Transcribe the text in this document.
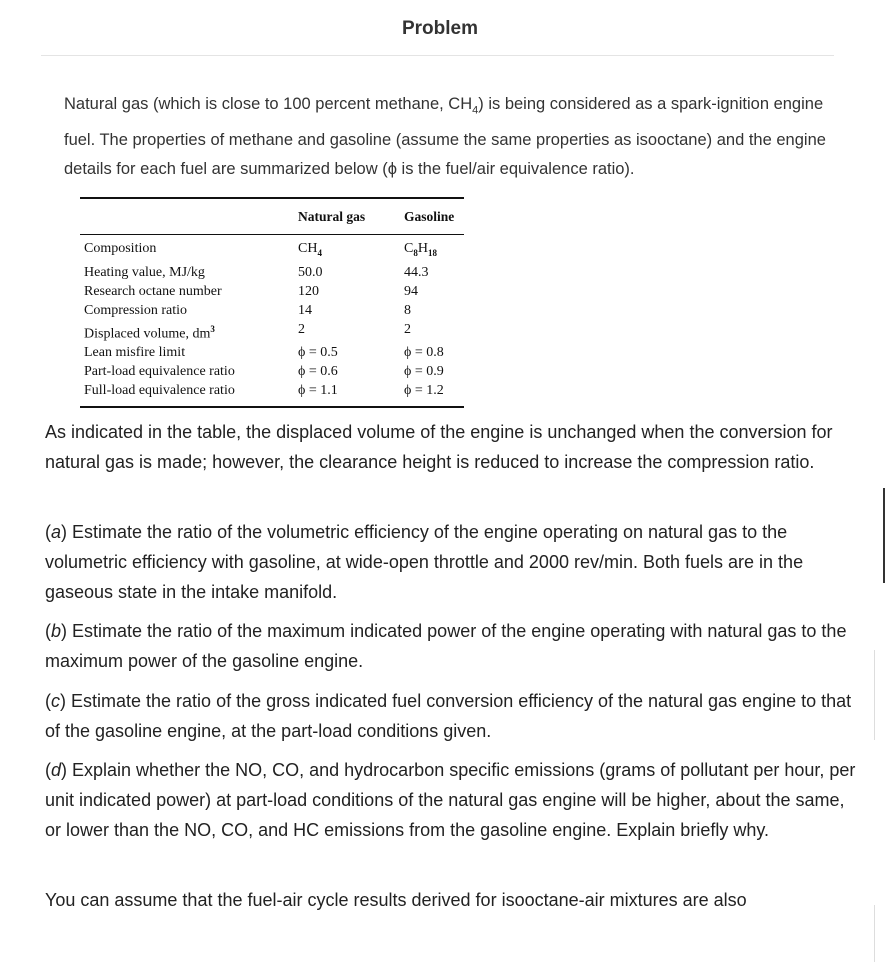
Problem
Natural gas (which is close to 100 percent methane, $CH_4$) is being considered as a spark-ignition engine fuel. The properties of methane and gasoline (assume the same properties as isooctane) and the engine details for each fuel are summarized below (ϕ is the fuel/air equivalence ratio).
	Natural gas	Gasoline
Composition	$CH_4$	$C_8H_{18}$
Heating value, MJ/kg	50.0	44.3
Research octane number	120	94
Compression ratio	14	8
Displaced volume, $dm^3$	2	2
Lean misfire limit	ϕ = 0.5	ϕ = 0.8
Part-load equivalence ratio	ϕ = 0.6	ϕ = 0.9
Full-load equivalence ratio	ϕ = 1.1	ϕ = 1.2
As indicated in the table, the displaced volume of the engine is unchanged when the conversion for natural gas is made; however, the clearance height is reduced to increase the compression ratio.
(a) Estimate the ratio of the volumetric efficiency of the engine operating on natural gas to the volumetric efficiency with gasoline, at wide-open throttle and 2000 rev/min. Both fuels are in the gaseous state in the intake manifold.
(b) Estimate the ratio of the maximum indicated power of the engine operating with natural gas to the maximum power of the gasoline engine.
(c) Estimate the ratio of the gross indicated fuel conversion efficiency of the natural gas engine to that of the gasoline engine, at the part-load conditions given.
(d) Explain whether the NO, CO, and hydrocarbon specific emissions (grams of pollutant per hour, per unit indicated power) at part-load conditions of the natural gas engine will be higher, about the same, or lower than the NO, CO, and HC emissions from the gasoline engine. Explain briefly why.
You can assume that the fuel-air cycle results derived for isooctane-air mixtures are also
